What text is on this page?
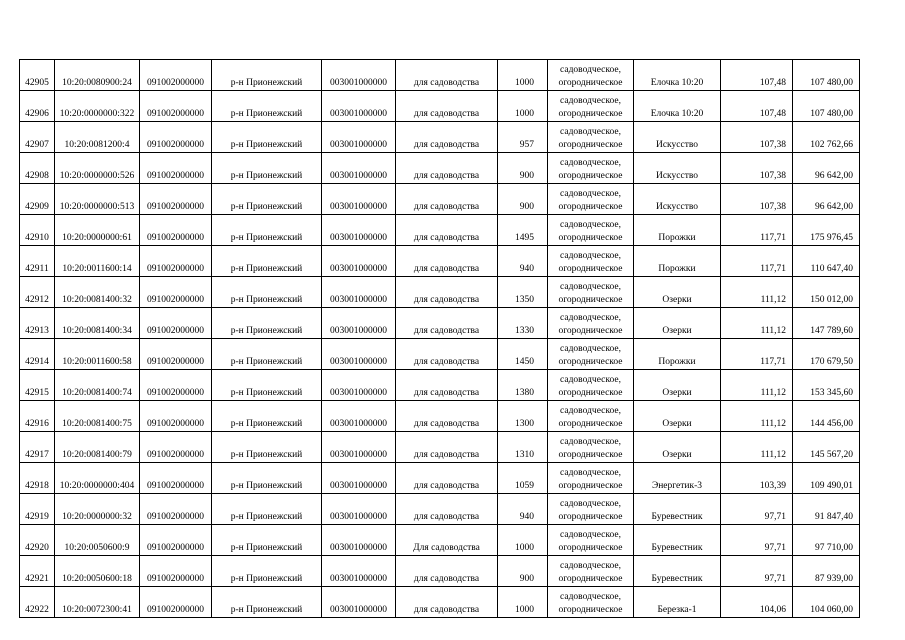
42905	10:20:0080900:24	091002000000	р-н Прионежский	003001000000	для садоводства	1000	садоводческое, огородническое	Елочка 10:20	107,48	107 480,00
42906	10:20:0000000:322	091002000000	р-н Прионежский	003001000000	для садоводства	1000	садоводческое, огородническое	Елочка 10:20	107,48	107 480,00
42907	10:20:0081200:4	091002000000	р-н Прионежский	003001000000	для садоводства	957	садоводческое, огородническое	Искусство	107,38	102 762,66
42908	10:20:0000000:526	091002000000	р-н Прионежский	003001000000	для садоводства	900	садоводческое, огородническое	Искусство	107,38	96 642,00
42909	10:20:0000000:513	091002000000	р-н Прионежский	003001000000	для садоводства	900	садоводческое, огородническое	Искусство	107,38	96 642,00
42910	10:20:0000000:61	091002000000	р-н Прионежский	003001000000	для садоводства	1495	садоводческое, огородническое	Порожки	117,71	175 976,45
42911	10:20:0011600:14	091002000000	р-н Прионежский	003001000000	для садоводства	940	садоводческое, огородническое	Порожки	117,71	110 647,40
42912	10:20:0081400:32	091002000000	р-н Прионежский	003001000000	для садоводства	1350	садоводческое, огородническое	Озерки	111,12	150 012,00
42913	10:20:0081400:34	091002000000	р-н Прионежский	003001000000	для садоводства	1330	садоводческое, огородническое	Озерки	111,12	147 789,60
42914	10:20:0011600:58	091002000000	р-н Прионежский	003001000000	для садоводства	1450	садоводческое, огородническое	Порожки	117,71	170 679,50
42915	10:20:0081400:74	091002000000	р-н Прионежский	003001000000	для садоводства	1380	садоводческое, огородническое	Озерки	111,12	153 345,60
42916	10:20:0081400:75	091002000000	р-н Прионежский	003001000000	для садоводства	1300	садоводческое, огородническое	Озерки	111,12	144 456,00
42917	10:20:0081400:79	091002000000	р-н Прионежский	003001000000	для садоводства	1310	садоводческое, огородническое	Озерки	111,12	145 567,20
42918	10:20:0000000:404	091002000000	р-н Прионежский	003001000000	для садоводства	1059	садоводческое, огородническое	Энергетик-3	103,39	109 490,01
42919	10:20:0000000:32	091002000000	р-н Прионежский	003001000000	для садоводства	940	садоводческое, огородническое	Буревестник	97,71	91 847,40
42920	10:20:0050600:9	091002000000	р-н Прионежский	003001000000	Для садоводства	1000	садоводческое, огородническое	Буревестник	97,71	97 710,00
42921	10:20:0050600:18	091002000000	р-н Прионежский	003001000000	для садоводства	900	садоводческое, огородническое	Буревестник	97,71	87 939,00
42922	10:20:0072300:41	091002000000	р-н Прионежский	003001000000	для садоводства	1000	садоводческое, огородническое	Березка-1	104,06	104 060,00
